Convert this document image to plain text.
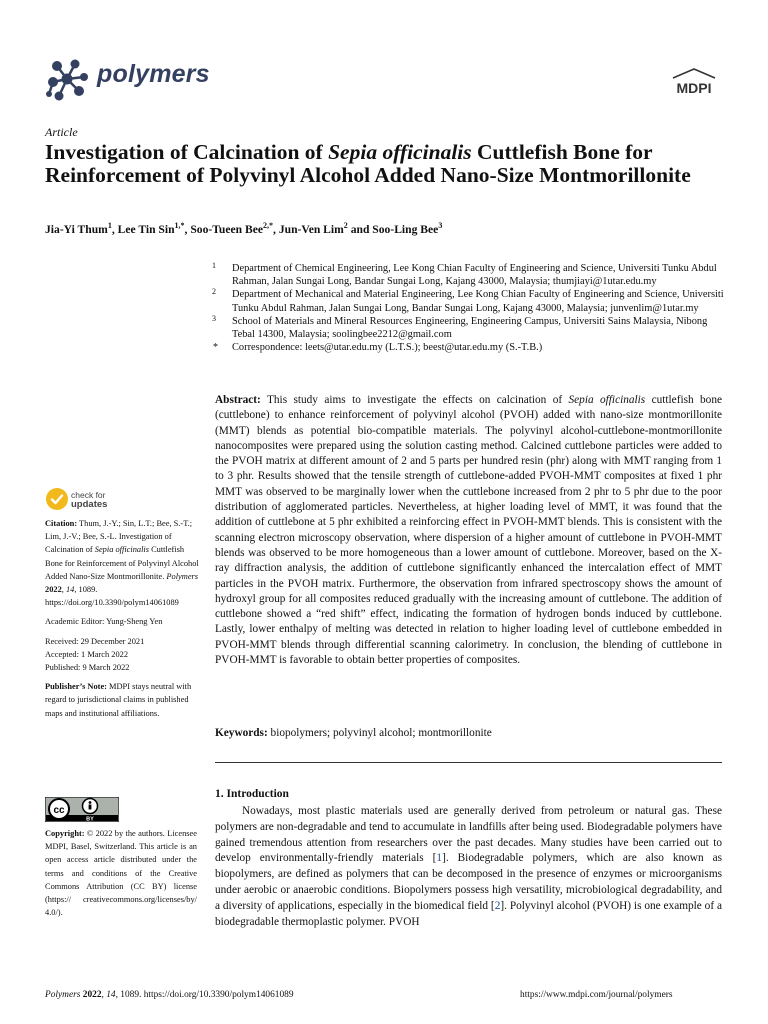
polymers	MDPI
Article
Investigation of Calcination of Sepia officinalis Cuttlefish Bone for Reinforcement of Polyvinyl Alcohol Added Nano-Size Montmorillonite
Jia-Yi Thum$^1$, Lee Tin Sin$^{1,*}$, Soo-Tueen Bee$^{2,*}$, Jun-Ven Lim$^2$ and Soo-Ling Bee$^3$
1 Department of Chemical Engineering, Lee Kong Chian Faculty of Engineering and Science, Universiti Tunku Abdul Rahman, Jalan Sungai Long, Bandar Sungai Long, Kajang 43000, Malaysia; thumjiayi@1utar.edu.my
2 Department of Mechanical and Material Engineering, Lee Kong Chian Faculty of Engineering and Science, Universiti Tunku Abdul Rahman, Jalan Sungai Long, Bandar Sungai Long, Kajang 43000, Malaysia; junvenlim@1utar.my
3 School of Materials and Mineral Resources Engineering, Engineering Campus, Universiti Sains Malaysia, Nibong Tebal 14300, Malaysia; soolingbee2212@gmail.com
* Correspondence: leets@utar.edu.my (L.T.S.); beest@utar.edu.my (S.-T.B.)
Abstract: This study aims to investigate the effects on calcination of Sepia officinalis cuttlefish bone (cuttlebone) to enhance reinforcement of polyvinyl alcohol (PVOH) added with nano-size montmorillonite (MMT) blends as potential bio-compatible materials. The polyvinyl alcohol-cuttlebone-montmorillonite nanocomposites were prepared using the solution casting method. Calcined cuttlebone particles were added to the PVOH matrix at different amount of 2 and 5 parts per hundred resin (phr) along with MMT ranging from 1 to 3 phr. Results showed that the tensile strength of cuttlebone-added PVOH-MMT composites at fixed 1 phr MMT was observed to be marginally lower when the cuttlebone increased from 2 phr to 5 phr due to the poor distribution of agglomerated particles. Nevertheless, at higher loading level of MMT, it was found that the addition of cuttlebone at 5 phr exhibited a reinforcing effect in PVOH-MMT blends. This is consistent with the scanning electron microscopy observation, where dispersion of a higher amount of cuttlebone in PVOH-MMT blends was observed to be more homogeneous than a lower amount of cuttlebone. Moreover, based on the X-ray diffraction analysis, the addition of cuttlebone significantly enhanced the intercalation effect of MMT particles in the PVOH matrix. Furthermore, the observation from infrared spectroscopy shows the amount of hydroxyl group for all composites reduced gradually with the increasing amount of cuttlebone. The addition of cuttlebone showed a “red shift” effect, indicating the formation of hydrogen bonds induced by cuttlebone. Lastly, lower enthalpy of melting was detected in relation to higher loading level of cuttlebone embedded in PVOH-MMT blends through differential scanning calorimetry. In conclusion, the blending of cuttlebone in PVOH-MMT is favorable to obtain better properties of composites.
Keywords: biopolymers; polyvinyl alcohol; montmorillonite
1. Introduction

Nowadays, most plastic materials used are generally derived from petroleum or natural gas. These polymers are non-degradable and tend to accumulate in landfills after being used. Biodegradable polymers have gained tremendous attention from researchers over the past decades. Many studies have been carried out to develop environmentally-friendly materials [1]. Biodegradable polymers, which are also known as biopolymers, are defined as polymers that can be decomposed in the presence of enzymes or microorganisms under aerobic or anaerobic conditions. Biopolymers possess high versatility, microbiological degradability, and a diversity of applications, especially in the biomedical field [2]. Polyvinyl alcohol (PVOH) is one example of a biodegradable thermoplastic polymer. PVOH

check for
updates

Citation: Thum, J.-Y.; Sin, L.T.; Bee, S.-T.; Lim, J.-V.; Bee, S.-L. Investigation of Calcination of Sepia officinalis Cuttlefish Bone for Reinforcement of Polyvinyl Alcohol Added Nano-Size Montmorillonite. Polymers 2022, 14, 1089. https://doi.org/10.3390/polym14061089

Academic Editor: Yung-Sheng Yen

Received: 29 December 2021

Accepted: 1 March 2022

Published: 9 March 2022

Publisher’s Note: MDPI stays neutral with regard to jurisdictional claims in published maps and institutional affiliations.

cc
BY
Copyright: © 2022 by the authors. Licensee MDPI, Basel, Switzerland. This article is an open access article distributed under the terms and conditions of the Creative Commons Attribution (CC BY) license (https:// creativecommons.org/licenses/by/ 4.0/).
Polymers 2022, 14, 1089. https://doi.org/10.3390/polym14061089	https://www.mdpi.com/journal/polymers
